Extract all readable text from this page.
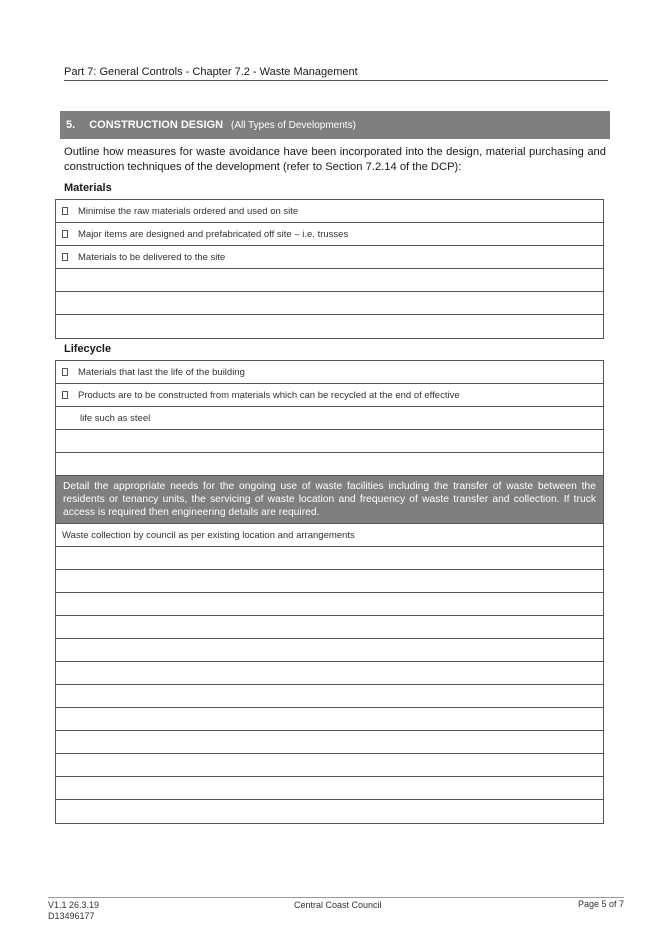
Part 7: General Controls - Chapter 7.2 - Waste Management
5. CONSTRUCTION DESIGN (All Types of Developments)
Outline how measures for waste avoidance have been incorporated into the design, material purchasing and construction techniques of the development (refer to Section 7.2.14 of the DCP):
Materials
Minimise the raw materials ordered and used on site
Major items are designed and prefabricated off site – i.e. trusses
Materials to be delivered to the site
Lifecycle
Materials that last the life of the building
Products are to be constructed from materials which can be recycled at the end of effective
life such as steel
Detail the appropriate needs for the ongoing use of waste facilities including the transfer of waste between the residents or tenancy units, the servicing of waste location and frequency of waste transfer and collection. If truck access is required then engineering details are required.
Waste collection by council as per existing location and arrangements
V1.1 26.3.19
D13496177
Central Coast Council	Page 5 of 7
